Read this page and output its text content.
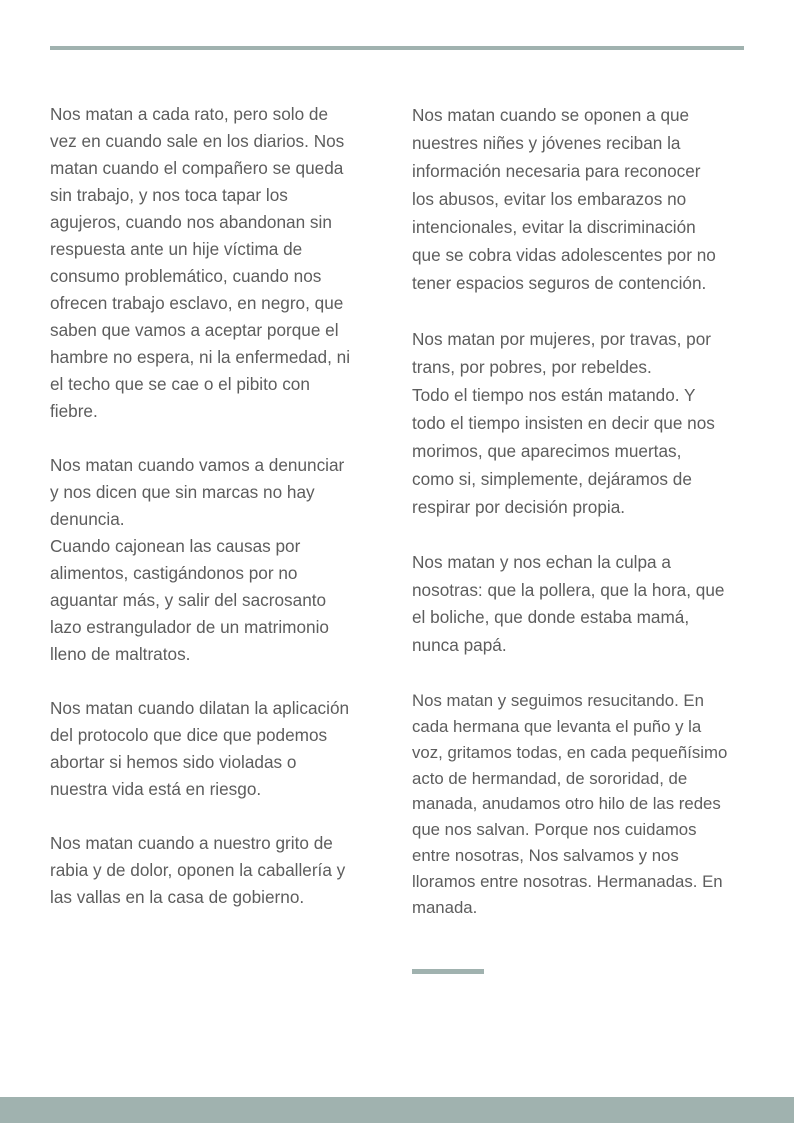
Nos matan a cada rato, pero solo de
vez en cuando sale en los diarios. Nos
matan cuando el compañero se queda
sin trabajo, y nos toca tapar los
agujeros, cuando nos abandonan sin
respuesta ante un hije víctima de
consumo problemático, cuando nos
ofrecen trabajo esclavo, en negro, que
saben que vamos a aceptar porque el
hambre no espera, ni la enfermedad, ni
el techo que se cae o el pibito con
fiebre.

Nos matan cuando vamos a denunciar
y nos dicen que sin marcas no hay
denuncia.
Cuando cajonean las causas por
alimentos, castigándonos por no
aguantar más, y salir del sacrosanto
lazo estrangulador de un matrimonio
lleno de maltratos.

Nos matan cuando dilatan la aplicación
del protocolo que dice que podemos
abortar si hemos sido violadas o
nuestra vida está en riesgo.

Nos matan cuando a nuestro grito de
rabia y de dolor, oponen la caballería y
las vallas en la casa de gobierno.

Nos matan cuando se oponen a que
nuestres niñes y jóvenes reciban la
información necesaria para reconocer
los abusos, evitar los embarazos no
intencionales, evitar la discriminación
que se cobra vidas adolescentes por no
tener espacios seguros de contención.

Nos matan por mujeres, por travas, por
trans, por pobres, por rebeldes.
Todo el tiempo nos están matando. Y
todo el tiempo insisten en decir que nos
morimos, que aparecimos muertas,
como si, simplemente, dejáramos de
respirar por decisión propia.

Nos matan y nos echan la culpa a
nosotras: que la pollera, que la hora, que
el boliche, que donde estaba mamá,
nunca papá.

Nos matan y seguimos resucitando. En
cada hermana que levanta el puño y la
voz, gritamos todas, en cada pequeñísimo
acto de hermandad, de sororidad, de
manada, anudamos otro hilo de las redes
que nos salvan. Porque nos cuidamos
entre nosotras, Nos salvamos y nos
lloramos entre nosotras. Hermanadas. En
manada.
